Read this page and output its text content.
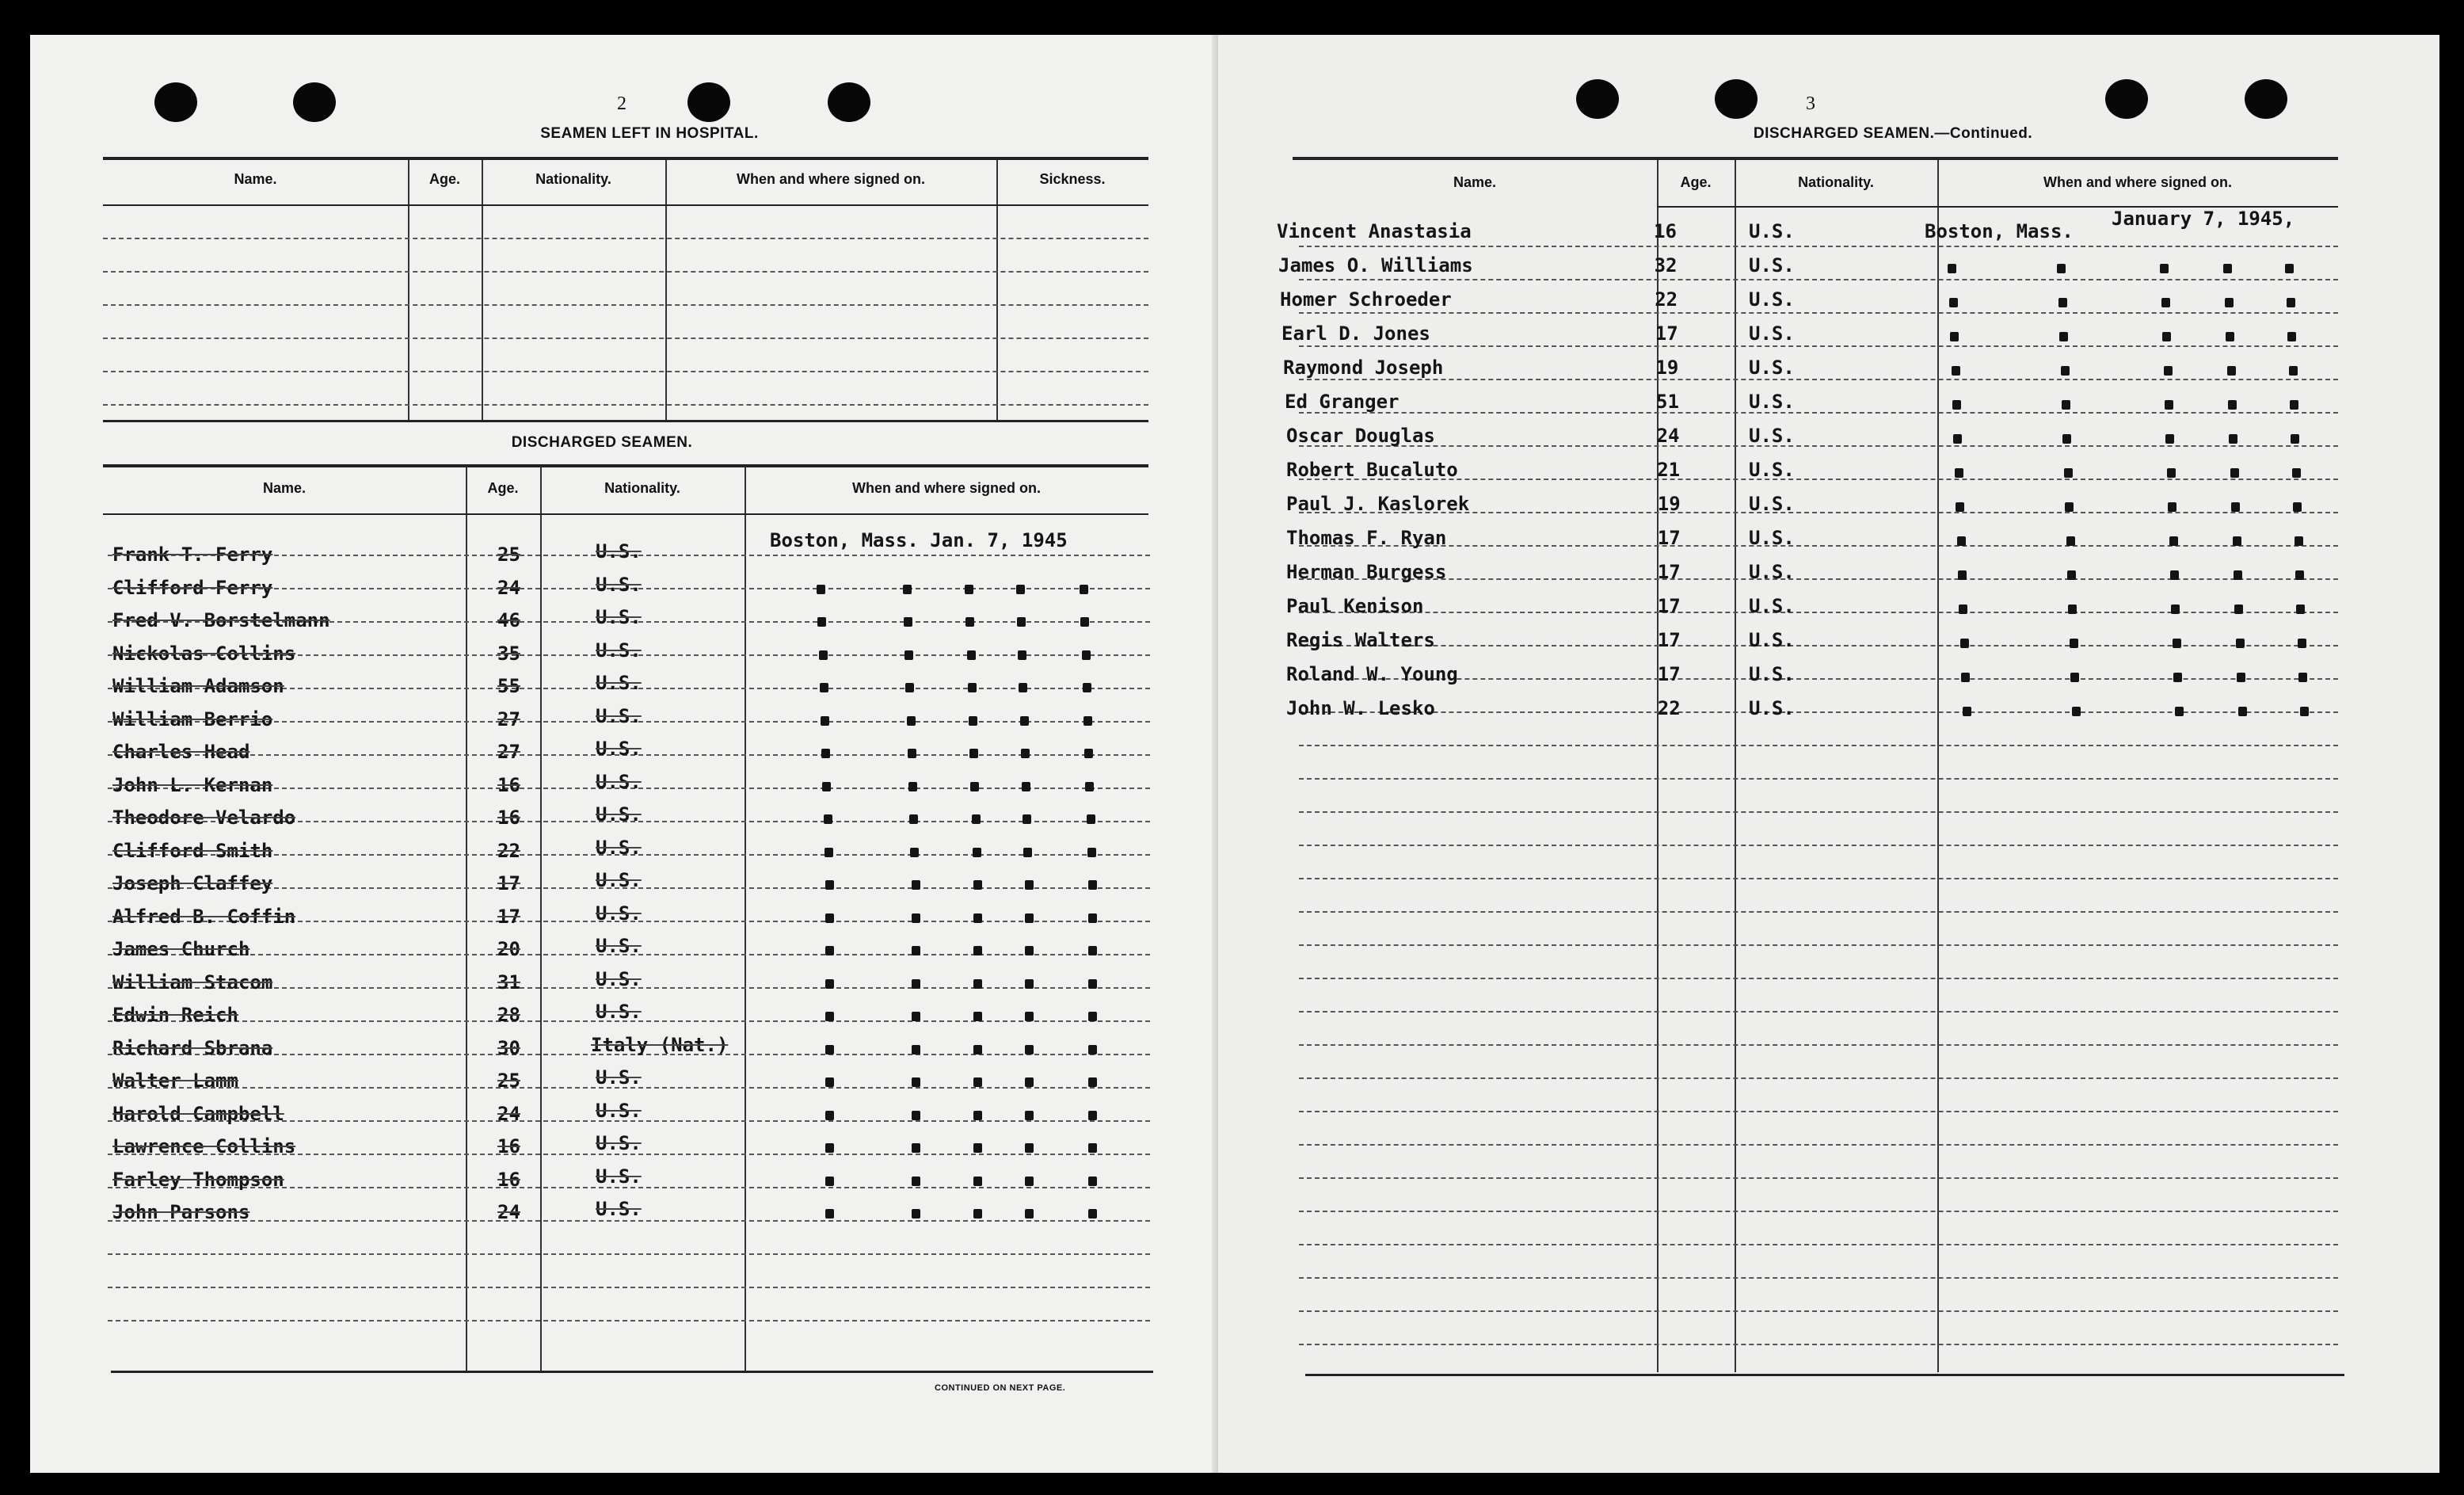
2
SEAMEN LEFT IN HOSPITAL.
DISCHARGED SEAMEN.
CONTINUED ON NEXT PAGE.
3
DISCHARGED SEAMEN.—Continued.
Name.	Age.	Nationality.	When and where signed on.	Sickness.
Name.	Age.	Nationality.	When and where signed on.
Boston, Mass. Jan. 7, 1945
Frank T. Ferry	25	U.S.
Clifford Ferry	24	U.S.
Fred V. Borstelmann	46	U.S.
Nickolas Collins	35	U.S.
William Adamson	55	U.S.
William Berrio	27	U.S.
Charles Head	27	U.S.
John L. Kernan	16	U.S.
Theodore Velardo	16	U.S.
Clifford Smith	22	U.S.
Joseph Claffey	17	U.S.
Alfred B. Coffin	17	U.S.
James Church	20	U.S.
William Stacom	31	U.S.
Edwin Reich	28	U.S.
Richard Sbrana	30	Italy (Nat.)
Walter Lamm	25	U.S.
Harold Campbell	24	U.S.
Lawrence Collins	16	U.S.
Farley Thompson	16	U.S.
John Parsons	24	U.S.
Name.	Age.	Nationality.	When and where signed on.
Boston, Mass.
January 7, 1945,
Vincent Anastasia	16	U.S.
James O. Williams	32	U.S.
Homer Schroeder	22	U.S.
Earl D. Jones	17	U.S.
Raymond Joseph	19	U.S.
Ed Granger	51	U.S.
Oscar Douglas	24	U.S.
Robert Bucaluto	21	U.S.
Paul J. Kaslorek	19	U.S.
Thomas F. Ryan	17	U.S.
Herman Burgess	17	U.S.
Paul Kenison	17	U.S.
Regis Walters	17	U.S.
Roland W. Young	17	U.S.
John W. Lesko	22	U.S.
